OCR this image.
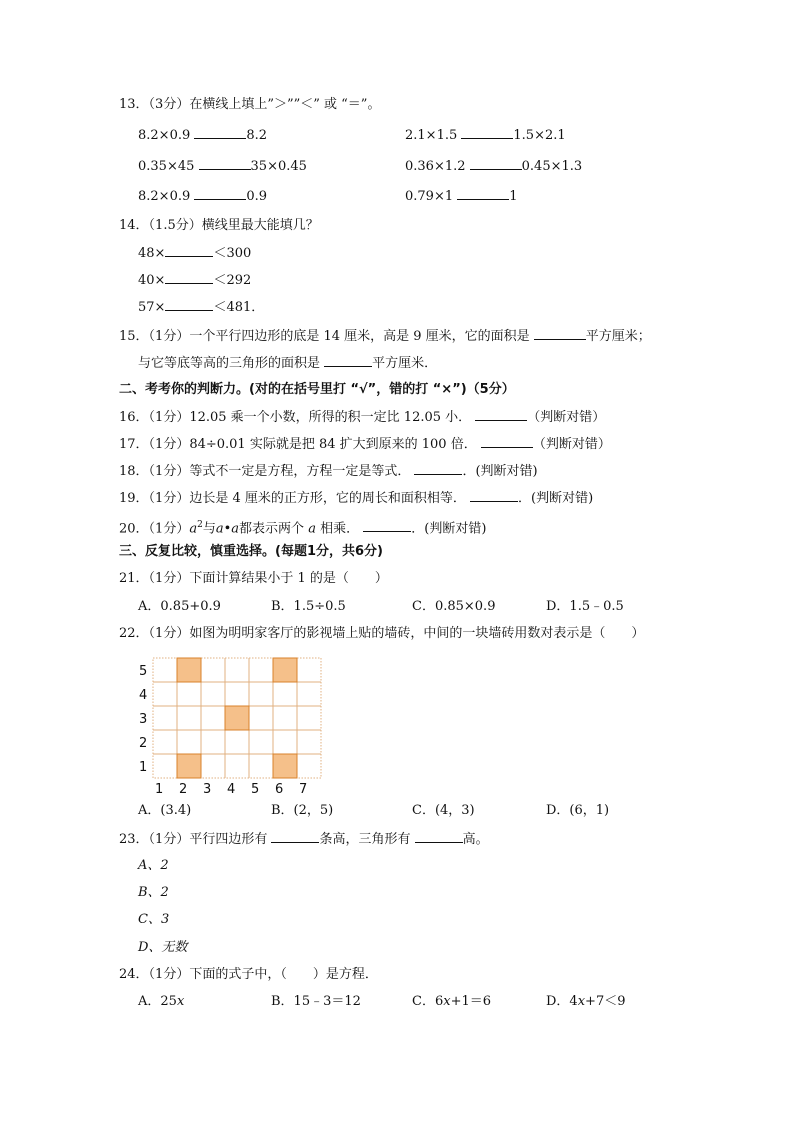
13．（3分）在横线上填上”＞””＜” 或 “＝”。
8.2×0.9	8.2	2.1×1.5	1.5×2.1
0.35×45	35×0.45	0.36×1.2	0.45×1.3
8.2×0.9	0.9	0.79×1	1
14．（1.5分）横线里最大能填几？
48×	＜300
40×	＜292
57×	＜481．
15．（1分）一个平行四边形的底是 14 厘米，高是 9 厘米，它的面积是	平方厘米；
与它等底等高的三角形的面积是	平方厘米．
二、考考你的判断力。(对的在括号里打 “√”，错的打 “×”)（5分）
16．（1分）12.05 乘一个小数，所得的积一定比 12.05 小．	（判断对错）
17．（1分）84÷0.01 实际就是把 84 扩大到原来的 100 倍．	（判断对错）
18．（1分）等式不一定是方程，方程一定是等式．	．(判断对错)
19．（1分）边长是 4 厘米的正方形，它的周长和面积相等．	．(判断对错)
20．（1分）$a^2$与a•a都表示两个 a 相乘．	．(判断对错)
三、反复比较，慎重选择。(每题1分，共6分)
21．（1分）下面计算结果小于 1 的是（　　）
A．0.85+0.9	B．1.5÷0.5	C．0.85×0.9	D．1.5﹣0.5
22．（1分）如图为明明家客厅的影视墙上贴的墙砖，中间的一块墙砖用数对表示是（　　）
5
4
3
2
1
1 2 3 4 5 6 7
A．(3.4)	B．(2，5)	C．(4，3)	D．(6，1)
23．（1分）平行四边形有	条高，三角形有	高。
A、2
B、2
C、3
D、无数
24．（1分）下面的式子中，（　　）是方程．
A．25x	B．15﹣3＝12	C．6x+1＝6	D．4x+7＜9
